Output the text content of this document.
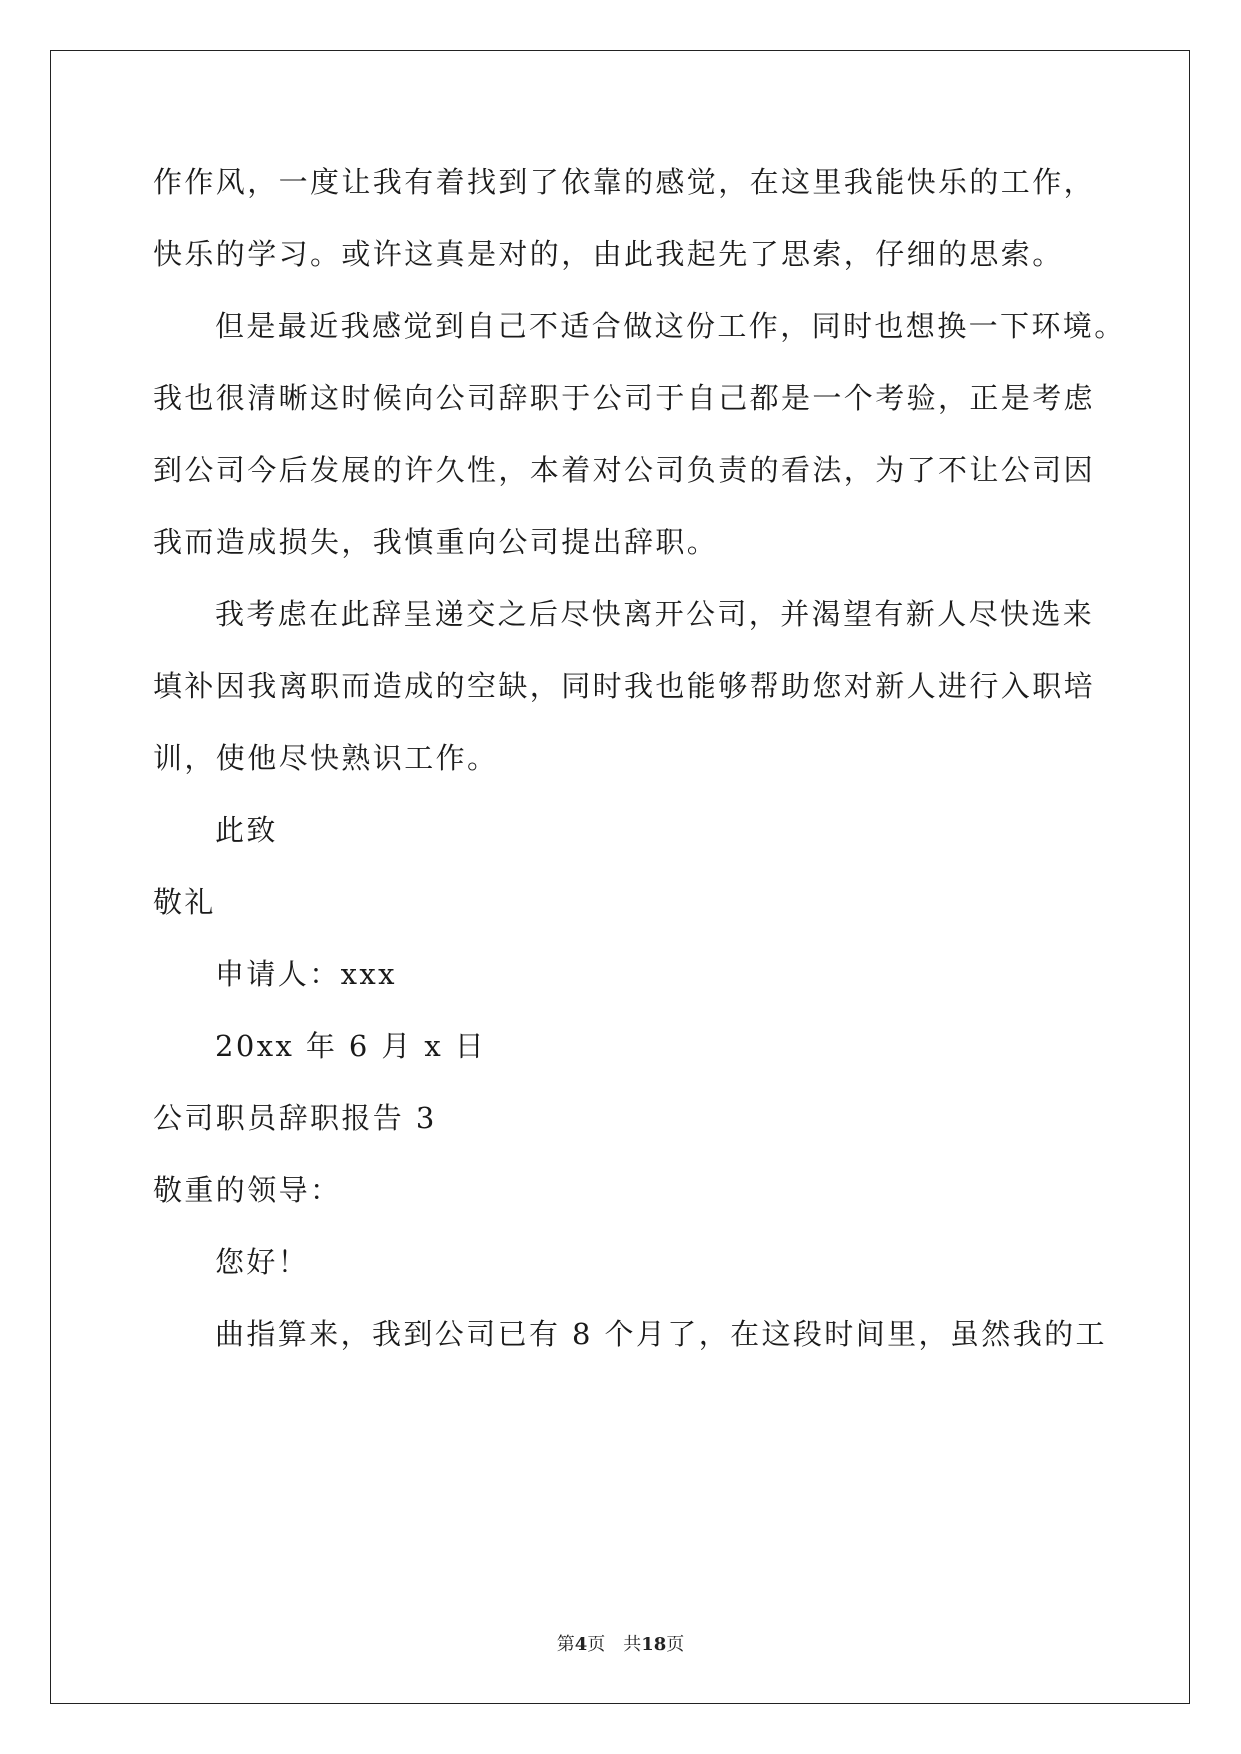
作作风，一度让我有着找到了依靠的感觉，在这里我能快乐的工作，
快乐的学习。或许这真是对的，由此我起先了思索，仔细的思索。
但是最近我感觉到自己不适合做这份工作，同时也想换一下环境。
我也很清晰这时候向公司辞职于公司于自己都是一个考验，正是考虑
到公司今后发展的许久性，本着对公司负责的看法，为了不让公司因
我而造成损失，我慎重向公司提出辞职。
我考虑在此辞呈递交之后尽快离开公司，并渴望有新人尽快选来
填补因我离职而造成的空缺，同时我也能够帮助您对新人进行入职培
训，使他尽快熟识工作。
此致
敬礼
申请人：xxx
20xx 年 6 月 x 日
公司职员辞职报告 3
敬重的领导：
您好！
曲指算来，我到公司已有 8 个月了，在这段时间里，虽然我的工
第4页 共18页
